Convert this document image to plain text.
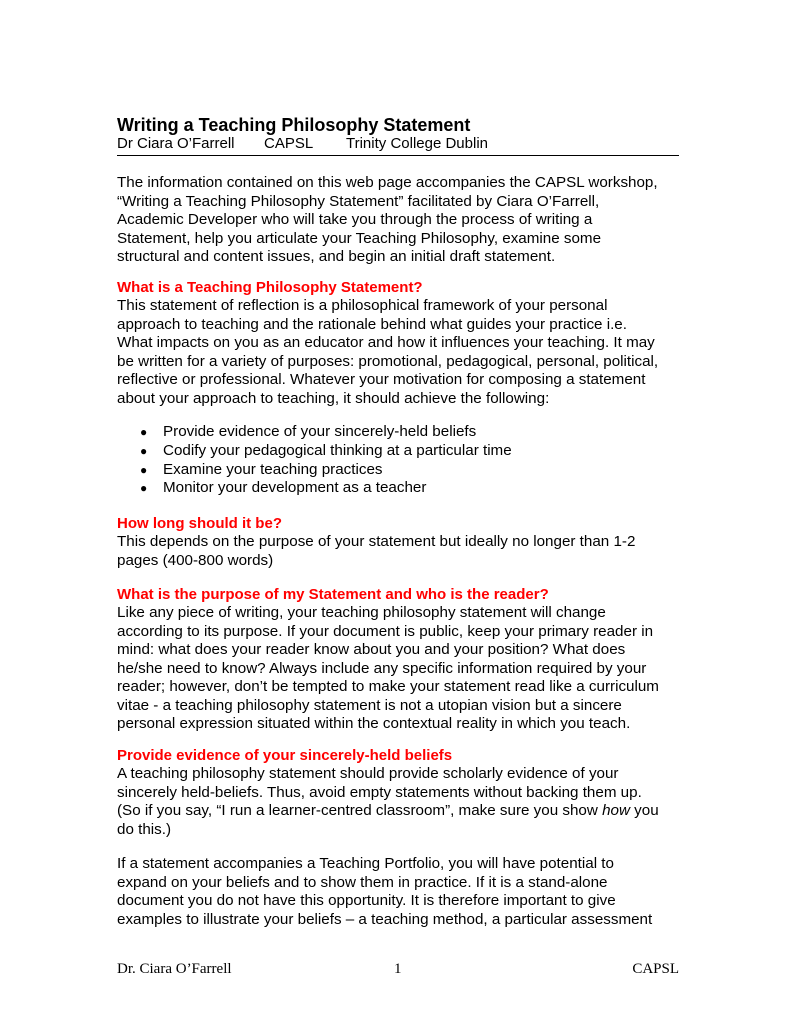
Writing a Teaching Philosophy Statement
Dr Ciara O’Farrell CAPSL Trinity College Dublin

The information contained on this web page accompanies the CAPSL workshop,
“Writing a Teaching Philosophy Statement” facilitated by Ciara O’Farrell,
Academic Developer who will take you through the process of writing a
Statement, help you articulate your Teaching Philosophy, examine some
structural and content issues, and begin an initial draft statement.

What is a Teaching Philosophy Statement?

This statement of reflection is a philosophical framework of your personal
approach to teaching and the rationale behind what guides your practice i.e.
What impacts on you as an educator and how it influences your teaching. It may
be written for a variety of purposes: promotional, pedagogical, personal, political,
reflective or professional. Whatever your motivation for composing a statement
about your approach to teaching, it should achieve the following:

● Provide evidence of your sincerely-held beliefs
● Codify your pedagogical thinking at a particular time
● Examine your teaching practices
● Monitor your development as a teacher
How long should it be?

This depends on the purpose of your statement but ideally no longer than 1-2
pages (400-800 words)

What is the purpose of my Statement and who is the reader?

Like any piece of writing, your teaching philosophy statement will change
according to its purpose. If your document is public, keep your primary reader in
mind: what does your reader know about you and your position? What does
he/she need to know? Always include any specific information required by your
reader; however, don’t be tempted to make your statement read like a curriculum
vitae - a teaching philosophy statement is not a utopian vision but a sincere
personal expression situated within the contextual reality in which you teach.

Provide evidence of your sincerely-held beliefs

A teaching philosophy statement should provide scholarly evidence of your
sincerely held-beliefs. Thus, avoid empty statements without backing them up.
(So if you say, “I run a learner-centred classroom”, make sure you show how you
do this.)

If a statement accompanies a Teaching Portfolio, you will have potential to
expand on your beliefs and to show them in practice. If it is a stand-alone
document you do not have this opportunity. It is therefore important to give
examples to illustrate your beliefs – a teaching method, a particular assessment

Dr. Ciara O’Farrell	1	CAPSL
